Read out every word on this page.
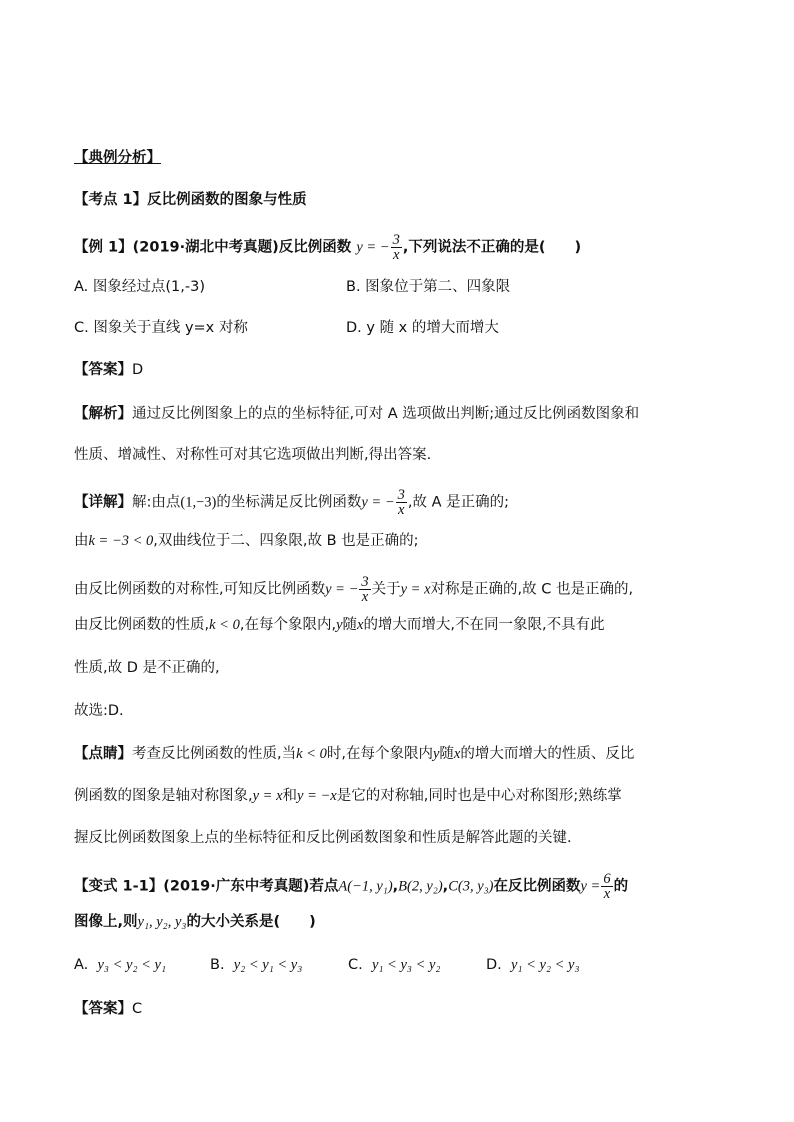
【典例分析】
【考点 1】反比例函数的图象与性质
【例 1】(2019·湖北中考真题)反比例函数 y = − $\frac{3}{x}$ ,下列说法不正确的是(　　)
A. 图象经过点(1,-3)	B. 图象位于第二、四象限
C. 图象关于直线 y=x 对称	D. y 随 x 的增大而增大
【答案】D
【解析】通过反比例图象上的点的坐标特征,可对 A 选项做出判断;通过反比例函数图象和
性质、增减性、对称性可对其它选项做出判断,得出答案.
【详解】解:由点(1,−3)的坐标满足反比例函数y = − $\frac{3}{x}$ ,故 A 是正确的;
由k = −3 < 0,双曲线位于二、四象限,故 B 也是正确的;
由反比例函数的对称性,可知反比例函数y = − $\frac{3}{x}$ 关于y = x对称是正确的,故 C 也是正确的,
由反比例函数的性质,k < 0,在每个象限内,y随x的增大而增大,不在同一象限,不具有此
性质,故 D 是不正确的,
故选:D.
【点睛】考查反比例函数的性质,当k < 0时,在每个象限内y随x的增大而增大的性质、反比
例函数的图象是轴对称图象,y = x和y = −x是它的对称轴,同时也是中心对称图形;熟练掌
握反比例函数图象上点的坐标特征和反比例函数图象和性质是解答此题的关键.
【变式 1-1】(2019·广东中考真题)若点A(−1, y₁),B(2, y₂),C(3, y₃)在反比例函数$y = \frac{6}{x}$ 的
图像上,则y₁, y₂, y₃的大小关系是(　　)
A. y₃ < y₂ < y₁	B. y₂ < y₁ < y₃	C. y₁ < y₃ < y₂	D. y₁ < y₂ < y₃
【答案】C
